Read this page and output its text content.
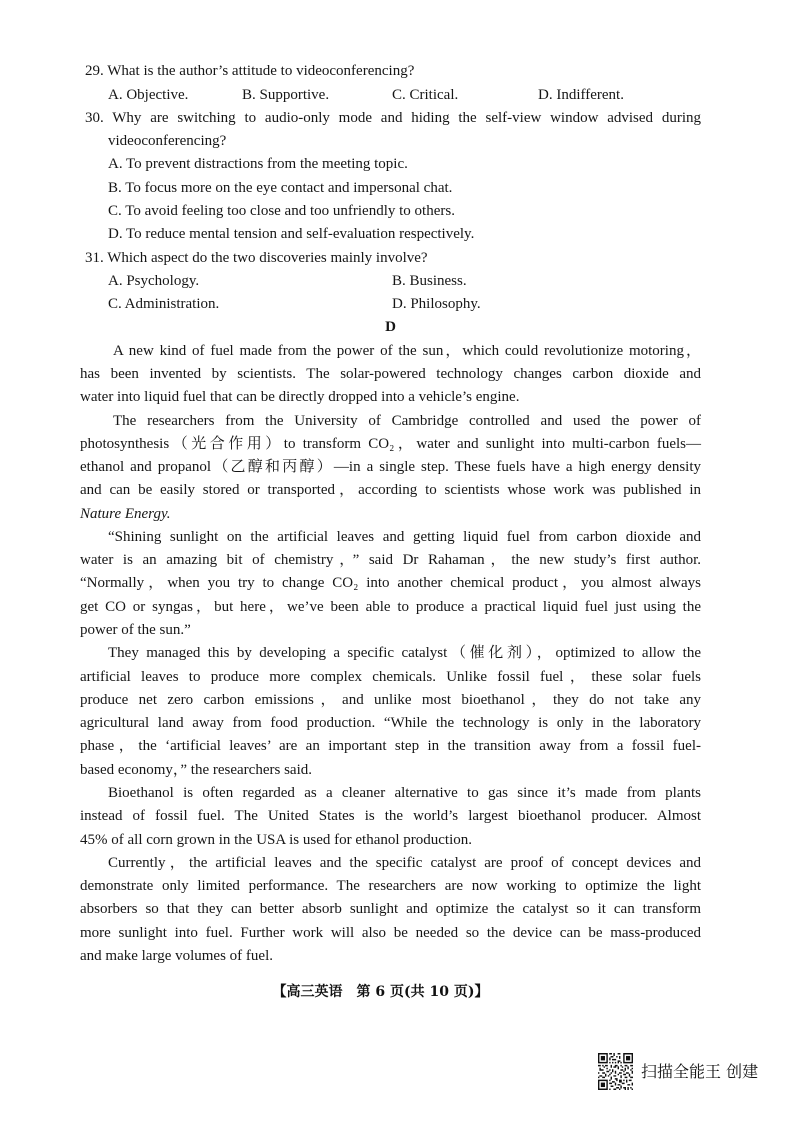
29. What is the author’s attitude to videoconferencing?
A. Objective.	B. Supportive.	C. Critical.	D. Indifferent.
30. Why are switching to audio-only mode and hiding the self-view window advised during
videoconferencing?
A. To prevent distractions from the meeting topic.
B. To focus more on the eye contact and impersonal chat.
C. To avoid feeling too close and too unfriendly to others.
D. To reduce mental tension and self-evaluation respectively.
31. Which aspect do the two discoveries mainly involve?
A. Psychology.	B. Business.
C. Administration.	D. Philosophy.
D
A new kind of fuel made from the power of the sun，which could revolutionize motoring，
has been invented by scientists. The solar-powered technology changes carbon dioxide and
water into liquid fuel that can be directly dropped into a vehicle’s engine.
The researchers from the University of Cambridge controlled and used the power of
photosynthesis（光合作用）to transform CO₂，water and sunlight into multi-carbon fuels—
ethanol and propanol（乙醇和丙醇）—in a single step. These fuels have a high energy density
and can be easily stored or transported，according to scientists whose work was published in
Nature Energy.
“Shining sunlight on the artificial leaves and getting liquid fuel from carbon dioxide and
water is an amazing bit of chemistry，” said Dr Rahaman，the new study’s first author.
“Normally，when you try to change CO₂ into another chemical product，you almost always
get CO or syngas，but here，we’ve been able to produce a practical liquid fuel just using the
power of the sun.”
They managed this by developing a specific catalyst（催化剂），optimized to allow the
artificial leaves to produce more complex chemicals. Unlike fossil fuel，these solar fuels
produce net zero carbon emissions，and unlike most bioethanol，they do not take any
agricultural land away from food production. “While the technology is only in the laboratory
phase，the ‘artificial leaves’ are an important step in the transition away from a fossil fuel-
based economy，” the researchers said.
Bioethanol is often regarded as a cleaner alternative to gas since it’s made from plants
instead of fossil fuel. The United States is the world’s largest bioethanol producer. Almost
45% of all corn grown in the USA is used for ethanol production.
Currently，the artificial leaves and the specific catalyst are proof of concept devices and
demonstrate only limited performance. The researchers are now working to optimize the light
absorbers so that they can better absorb sunlight and optimize the catalyst so it can transform
more sunlight into fuel. Further work will also be needed so the device can be mass-produced
and make large volumes of fuel.
【高三英语　第 6 页(共 10 页)】
扫描全能王 创建
